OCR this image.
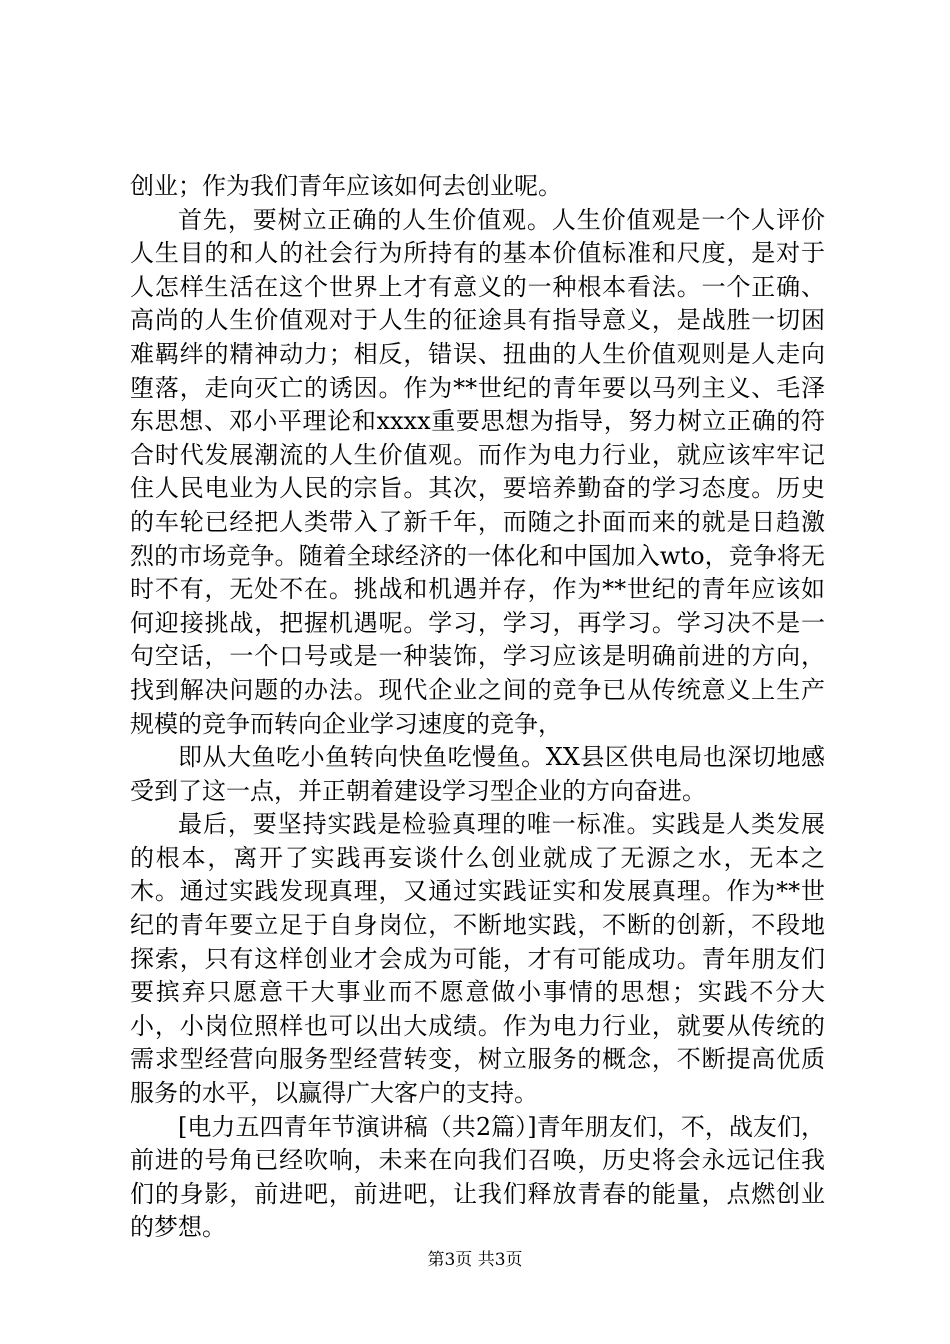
创业；作为我们青年应该如何去创业呢。

首先，要树立正确的人生价值观。人生价值观是一个人评价人生目的和人的社会行为所持有的基本价值标准和尺度，是对于人怎样生活在这个世界上才有意义的一种根本看法。一个正确、高尚的人生价值观对于人生的征途具有指导意义，是战胜一切困难羁绊的精神动力；相反，错误、扭曲的人生价值观则是人走向堕落，走向灭亡的诱因。作为**世纪的青年要以马列主义、毛泽东思想、邓小平理论和xxxx重要思想为指导，努力树立正确的符合时代发展潮流的人生价值观。而作为电力行业，就应该牢牢记住人民电业为人民的宗旨。其次，要培养勤奋的学习态度。历史的车轮已经把人类带入了新千年，而随之扑面而来的就是日趋激烈的市场竞争。随着全球经济的一体化和中国加入wto，竞争将无时不有，无处不在。挑战和机遇并存，作为**世纪的青年应该如何迎接挑战，把握机遇呢。学习，学习，再学习。学习决不是一句空话，一个口号或是一种装饰，学习应该是明确前进的方向，找到解决问题的办法。现代企业之间的竞争已从传统意义上生产规模的竞争而转向企业学习速度的竞争，

即从大鱼吃小鱼转向快鱼吃慢鱼。XX县区供电局也深切地感受到了这一点，并正朝着建设学习型企业的方向奋进。

最后，要坚持实践是检验真理的唯一标准。实践是人类发展的根本，离开了实践再妄谈什么创业就成了无源之水，无本之木。通过实践发现真理，又通过实践证实和发展真理。作为**世纪的青年要立足于自身岗位，不断地实践，不断的创新，不段地探索，只有这样创业才会成为可能，才有可能成功。青年朋友们要摈弃只愿意干大事业而不愿意做小事情的思想；实践不分大小，小岗位照样也可以出大成绩。作为电力行业，就要从传统的需求型经营向服务型经营转变，树立服务的概念，不断提高优质服务的水平，以赢得广大客户的支持。

[电力五四青年节演讲稿（共2篇）]青年朋友们，不，战友们，前进的号角已经吹响，未来在向我们召唤，历史将会永远记住我们的身影，前进吧，前进吧，让我们释放青春的能量，点燃创业的梦想。

第3页 共3页
